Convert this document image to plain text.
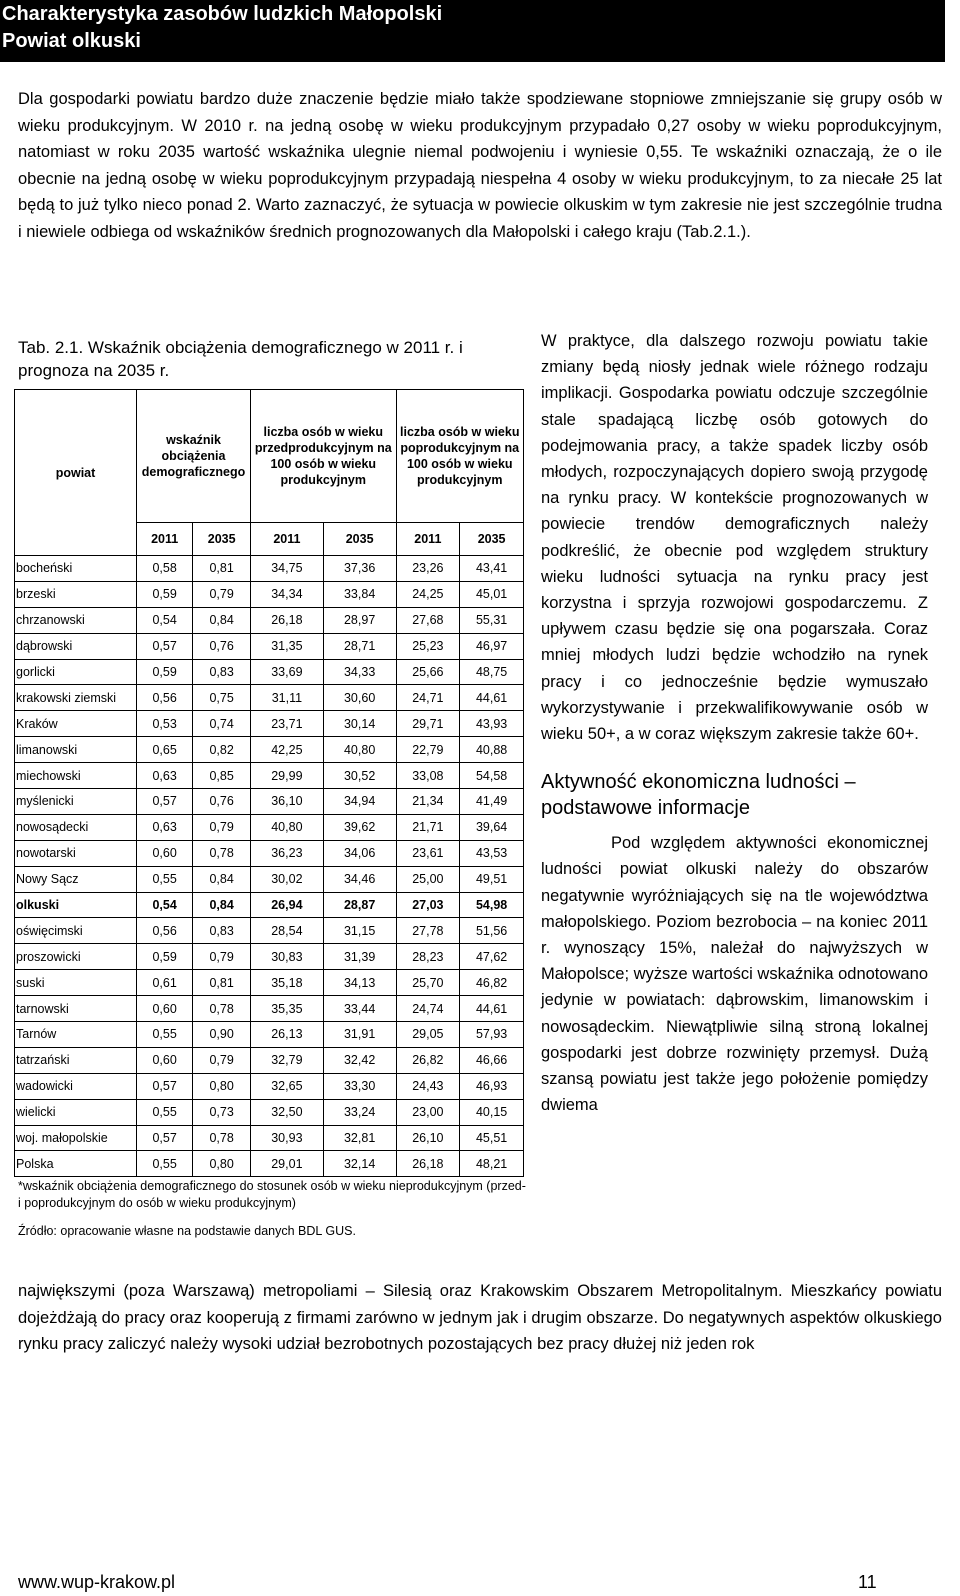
Charakterystyka zasobów ludzkich Małopolski
Powiat olkuski
Dla gospodarki powiatu bardzo duże znaczenie będzie miało także spodziewane stopniowe zmniejszanie się grupy osób w wieku produkcyjnym. W 2010 r. na jedną osobę w wieku produkcyjnym przypadało 0,27 osoby w wieku poprodukcyjnym, natomiast w roku 2035 wartość wskaźnika ulegnie niemal podwojeniu i wyniesie 0,55. Te wskaźniki oznaczają, że o ile obecnie na jedną osobę w wieku poprodukcyjnym przypadają niespełna 4 osoby w wieku produkcyjnym, to za niecałe 25 lat będą to już tylko nieco ponad 2. Warto zaznaczyć, że sytuacja w powiecie olkuskim w tym zakresie nie jest szczególnie trudna i niewiele odbiega od wskaźników średnich prognozowanych dla Małopolski i całego kraju (Tab.2.1.).
Tab. 2.1. Wskaźnik obciążenia demograficznego w 2011 r. i prognoza na 2035 r.
powiat	wskaźnik obciążenia demograficznego		liczba osób w wieku przedprodukcyjnym na 100 osób w wieku produkcyjnym		liczba osób w wieku poprodukcyjnym na 100 osób w wieku produkcyjnym	
	2011	2035	2011	2035	2011	2035
bocheński	0,58	0,81	34,75	37,36	23,26	43,41
brzeski	0,59	0,79	34,34	33,84	24,25	45,01
chrzanowski	0,54	0,84	26,18	28,97	27,68	55,31
dąbrowski	0,57	0,76	31,35	28,71	25,23	46,97
gorlicki	0,59	0,83	33,69	34,33	25,66	48,75
krakowski ziemski	0,56	0,75	31,11	30,60	24,71	44,61
Kraków	0,53	0,74	23,71	30,14	29,71	43,93
limanowski	0,65	0,82	42,25	40,80	22,79	40,88
miechowski	0,63	0,85	29,99	30,52	33,08	54,58
myślenicki	0,57	0,76	36,10	34,94	21,34	41,49
nowosądecki	0,63	0,79	40,80	39,62	21,71	39,64
nowotarski	0,60	0,78	36,23	34,06	23,61	43,53
Nowy Sącz	0,55	0,84	30,02	34,46	25,00	49,51
olkuski	0,54	0,84	26,94	28,87	27,03	54,98
oświęcimski	0,56	0,83	28,54	31,15	27,78	51,56
proszowicki	0,59	0,79	30,83	31,39	28,23	47,62
suski	0,61	0,81	35,18	34,13	25,70	46,82
tarnowski	0,60	0,78	35,35	33,44	24,74	44,61
Tarnów	0,55	0,90	26,13	31,91	29,05	57,93
tatrzański	0,60	0,79	32,79	32,42	26,82	46,66
wadowicki	0,57	0,80	32,65	33,30	24,43	46,93
wielicki	0,55	0,73	32,50	33,24	23,00	40,15
woj. małopolskie	0,57	0,78	30,93	32,81	26,10	45,51
Polska	0,55	0,80	29,01	32,14	26,18	48,21
*wskaźnik obciążenia demograficznego do stosunek osób w wieku nieprodukcyjnym (przed- i poprodukcyjnym do osób w wieku produkcyjnym)
Źródło: opracowanie własne na podstawie danych BDL GUS.

W praktyce, dla dalszego rozwoju powiatu takie zmiany będą niosły jednak wiele różnego rodzaju implikacji. Gospodarka powiatu odczuje szczególnie stale spadającą liczbę osób gotowych do podejmowania pracy, a także spadek liczby osób młodych, rozpoczynających dopiero swoją przygodę na rynku pracy. W kontekście prognozowanych w powiecie trendów demograficznych należy podkreślić, że obecnie pod względem struktury wieku ludności sytuacja na rynku pracy jest korzystna i sprzyja rozwojowi gospodarczemu. Z upływem czasu będzie się ona pogarszała. Coraz mniej młodych ludzi będzie wchodziło na rynek pracy i co jednocześnie będzie wymuszało wykorzystywanie i przekwalifikowywanie osób w wieku 50+, a w coraz większym zakresie także 60+.

Aktywność ekonomiczna ludności – podstawowe informacje

Pod względem aktywności ekonomicznej ludności powiat olkuski należy do obszarów negatywnie wyróżniających się na tle województwa małopolskiego. Poziom bezrobocia – na koniec 2011 r. wynoszący 15%, należał do najwyższych w Małopolsce; wyższe wartości wskaźnika odnotowano jedynie w powiatach: dąbrowskim, limanowskim i nowosądeckim. Niewątpliwie silną stroną lokalnej gospodarki jest dobrze rozwinięty przemysł. Dużą szansą powiatu jest także jego położenie pomiędzy dwiema

największymi (poza Warszawą) metropoliami – Silesią oraz Krakowskim Obszarem Metropolitalnym. Mieszkańcy powiatu dojeżdżają do pracy oraz kooperują z firmami zarówno w jednym jak i drugim obszarze. Do negatywnych aspektów olkuskiego rynku pracy zaliczyć należy wysoki udział bezrobotnych pozostających bez pracy dłużej niż jeden rok
www.wup-krakow.pl	11
